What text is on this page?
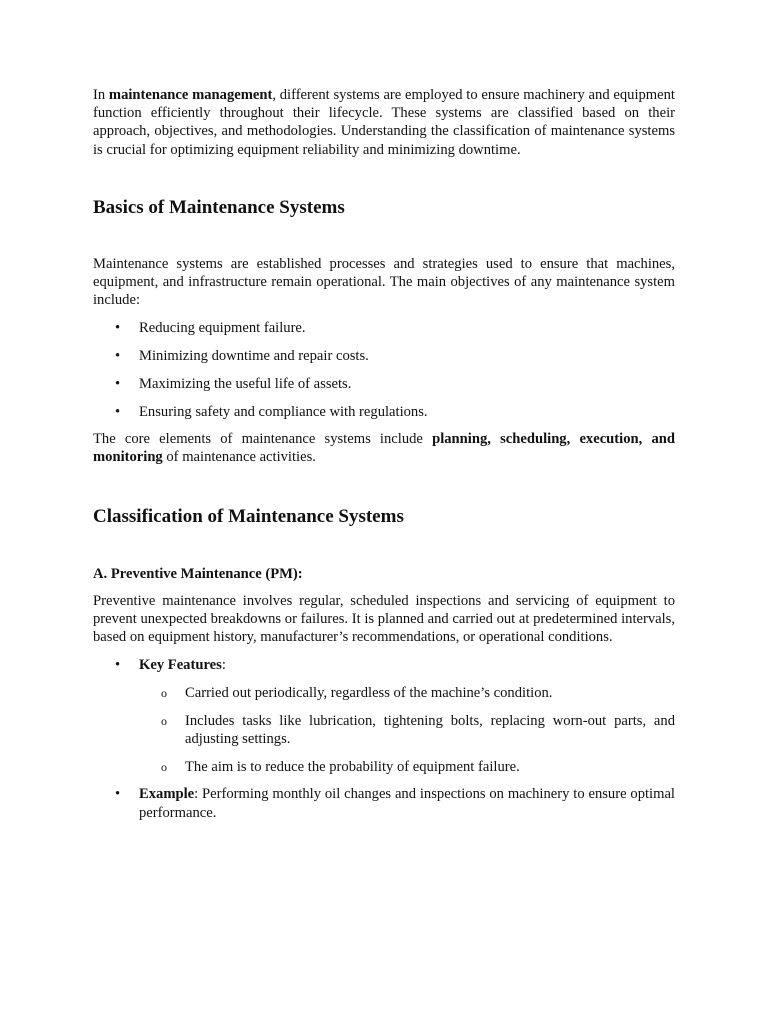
In maintenance management, different systems are employed to ensure machinery and equipment function efficiently throughout their lifecycle. These systems are classified based on their approach, objectives, and methodologies. Understanding the classification of maintenance systems is crucial for optimizing equipment reliability and minimizing downtime.

Basics of Maintenance Systems

Maintenance systems are established processes and strategies used to ensure that machines, equipment, and infrastructure remain operational. The main objectives of any maintenance system include:

• Reducing equipment failure.
• Minimizing downtime and repair costs.
• Maximizing the useful life of assets.
• Ensuring safety and compliance with regulations.

The core elements of maintenance systems include planning, scheduling, execution, and monitoring of maintenance activities.

Classification of Maintenance Systems
A. Preventive Maintenance (PM):

Preventive maintenance involves regular, scheduled inspections and servicing of equipment to prevent unexpected breakdowns or failures. It is planned and carried out at predetermined intervals, based on equipment history, manufacturer’s recommendations, or operational conditions.

• Key Features:
o Carried out periodically, regardless of the machine’s condition.
o Includes tasks like lubrication, tightening bolts, replacing worn-out parts, and adjusting settings.
o The aim is to reduce the probability of equipment failure.
• Example: Performing monthly oil changes and inspections on machinery to ensure optimal performance.
